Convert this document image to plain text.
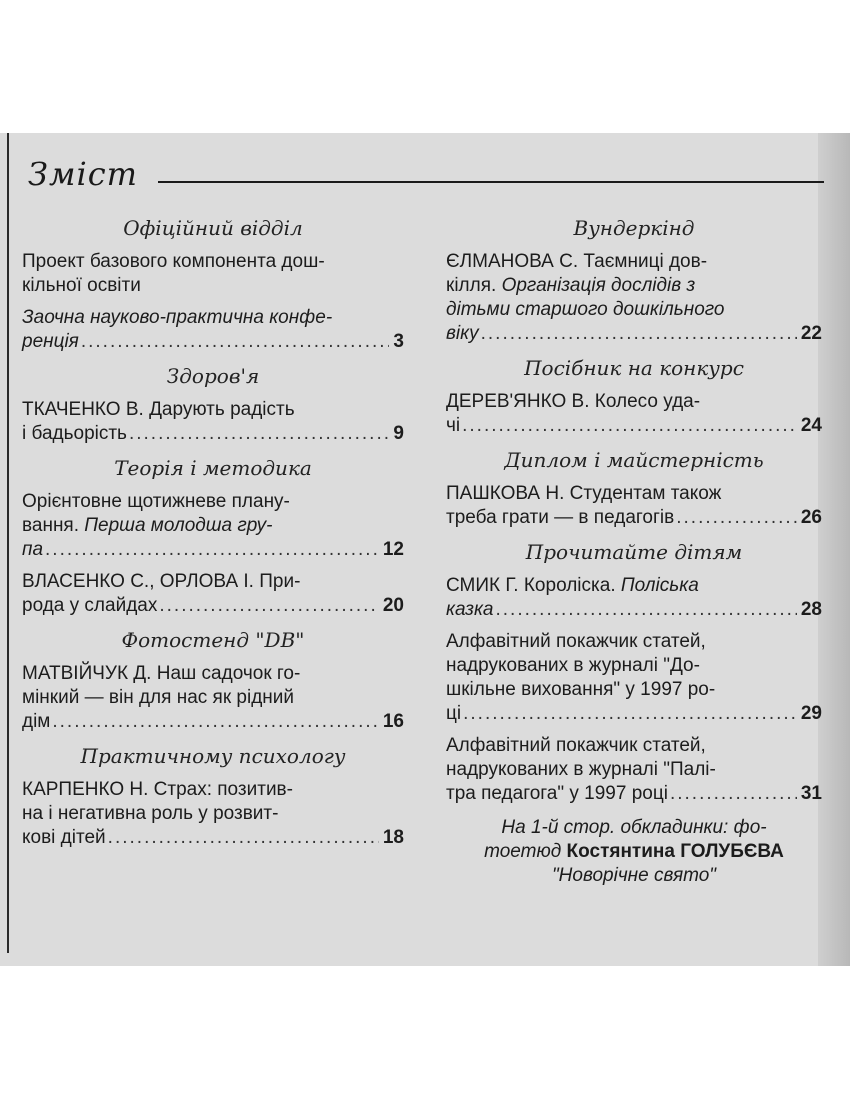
Зміст
Офіційний відділ
Проект базового компонента дош-
кільної освіти
Заочна науково-практична конфе-
ренція .....	3
Здоров'я
ТКАЧЕНКО В. Дарують радість
і бадьорість .....	9
Теорія і методика
Орієнтовне щотижневе плану-
вання. Перша молодша гру-
па .....	12
ВЛАСЕНКО С., ОРЛОВА І. При-
рода у слайдах .....	20
Фотостенд "DB"
МАТВІЙЧУК Д. Наш садочок го-
мінкий — він для нас як рідний
дім .....	16
Практичному психологу
КАРПЕНКО Н. Страх: позитив-
на і негативна роль у розвит-
кові дітей .....	18
Вундеркінд
ЄЛМАНОВА С. Таємниці дов-
кілля. Організація дослідів з
дітьми старшого дошкільного
віку .....	22
Посібник на конкурс
ДЕРЕВ'ЯНКО В. Колесо уда-
чі .....	24
Диплом і майстерність
ПАШКОВА Н. Студентам також
треба грати — в педагогів .....	26
Прочитайте дітям
СМИК Г. Короліска. Поліська
казка .....	28
Алфавітний покажчик статей,
надрукованих в журналі "До-
шкільне виховання" у 1997 ро-
ці .....	29
Алфавітний покажчик статей,
надрукованих в журналі "Палі-
тра педагога" у 1997 році .....	31
На 1-й стор. обкладинки: фо-
тоетюд Костянтина ГОЛУБЄВА
"Новорічне свято"
